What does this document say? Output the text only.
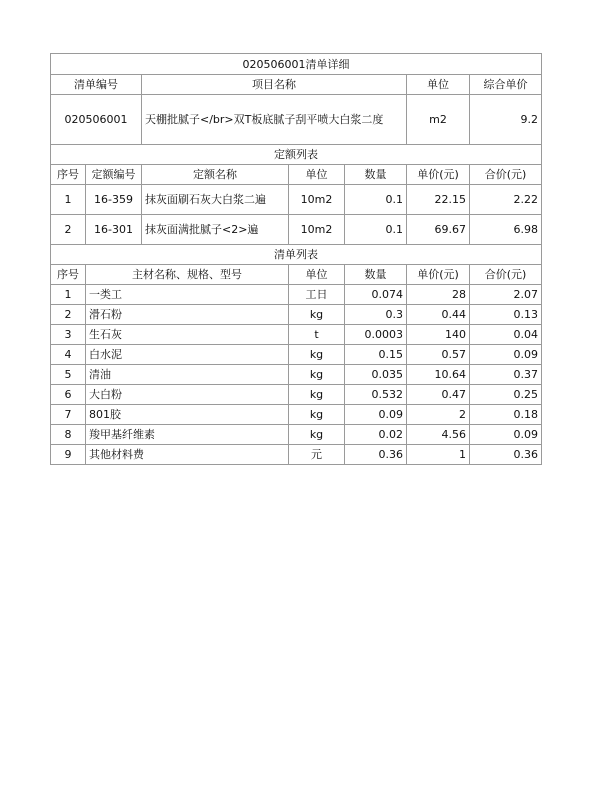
020506001清单详细						
清单编号		项目名称			单位	综合单价
020506001		天棚批腻子</br>双T板底腻子刮平喷大白浆二度			m2	9.2
定额列表						
序号	定额编号	定额名称	单位	数量	单价(元)	合价(元)
1	16-359	抹灰面刷石灰大白浆二遍	10m2	0.1	22.15	2.22
2	16-301	抹灰面满批腻子<2>遍	10m2	0.1	69.67	6.98
清单列表						
序号	主材名称、规格、型号		单位	数量	单价(元)	合价(元)
1	一类工		工日	0.074	28	2.07
2	滑石粉		kg	0.3	0.44	0.13
3	生石灰		t	0.0003	140	0.04
4	白水泥		kg	0.15	0.57	0.09
5	清油		kg	0.035	10.64	0.37
6	大白粉		kg	0.532	0.47	0.25
7	801胶		kg	0.09	2	0.18
8	羧甲基纤维素		kg	0.02	4.56	0.09
9	其他材料费		元	0.36	1	0.36
